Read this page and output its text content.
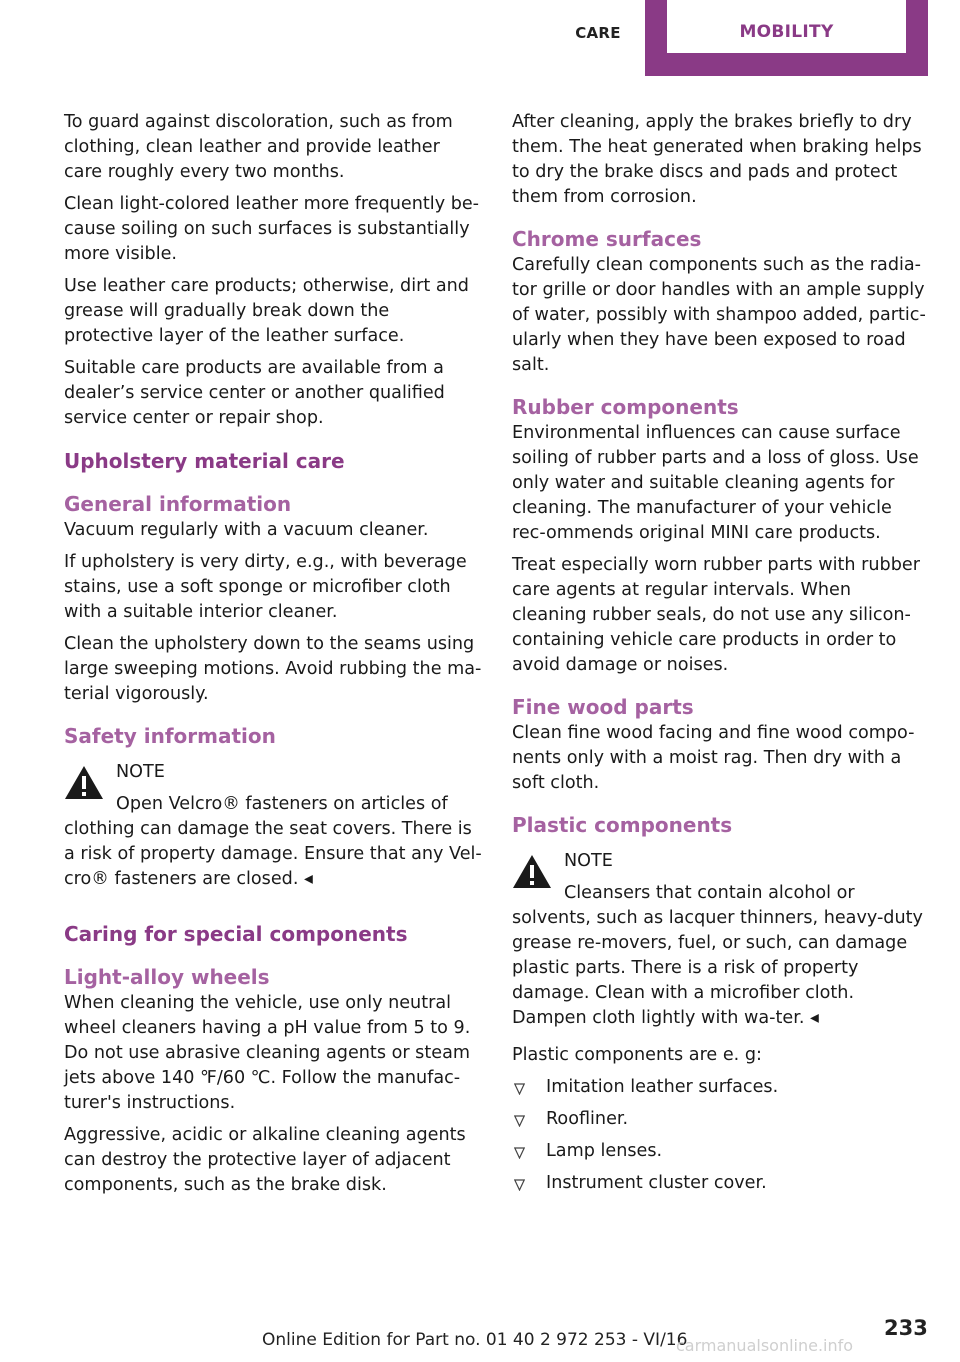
CARE	MOBILITY

To guard against discoloration, such as from clothing, clean leather and provide leather care roughly every two months.

Clean light-colored leather more frequently be-cause soiling on such surfaces is substantially more visible.

Use leather care products; otherwise, dirt and grease will gradually break down the protective layer of the leather surface.

Suitable care products are available from a dealer’s service center or another qualified service center or repair shop.

Upholstery material care
General information

Vacuum regularly with a vacuum cleaner.

If upholstery is very dirty, e.g., with beverage stains, use a soft sponge or microfiber cloth with a suitable interior cleaner.

Clean the upholstery down to the seams using large sweeping motions. Avoid rubbing the ma-terial vigorously.

Safety information
NOTE

Open Velcro® fasteners on articles of clothing can damage the seat covers. There is a risk of property damage. Ensure that any Vel-cro® fasteners are closed. ◂

Caring for special components
Light-alloy wheels

When cleaning the vehicle, use only neutral wheel cleaners having a pH value from 5 to 9. Do not use abrasive cleaning agents or steam jets above 140 ℉/60 ℃. Follow the manufac-turer's instructions.

Aggressive, acidic or alkaline cleaning agents can destroy the protective layer of adjacent components, such as the brake disk.

After cleaning, apply the brakes briefly to dry them. The heat generated when braking helps to dry the brake discs and pads and protect them from corrosion.

Chrome surfaces

Carefully clean components such as the radia-tor grille or door handles with an ample supply of water, possibly with shampoo added, partic-ularly when they have been exposed to road salt.

Rubber components

Environmental influences can cause surface soiling of rubber parts and a loss of gloss. Use only water and suitable cleaning agents for cleaning. The manufacturer of your vehicle rec-ommends original MINI care products.

Treat especially worn rubber parts with rubber care agents at regular intervals. When cleaning rubber seals, do not use any silicon-containing vehicle care products in order to avoid damage or noises.

Fine wood parts

Clean fine wood facing and fine wood compo-nents only with a moist rag. Then dry with a soft cloth.

Plastic components
NOTE

Cleansers that contain alcohol or solvents, such as lacquer thinners, heavy-duty grease re-movers, fuel, or such, can damage plastic parts. There is a risk of property damage. Clean with a microfiber cloth. Dampen cloth lightly with wa-ter. ◂

Plastic components are e. g:

Imitation leather surfaces.
Roofliner.
Lamp lenses.
Instrument cluster cover.
233
Online Edition for Part no. 01 40 2 972 253 - VI/16
carmanualsonline.info
